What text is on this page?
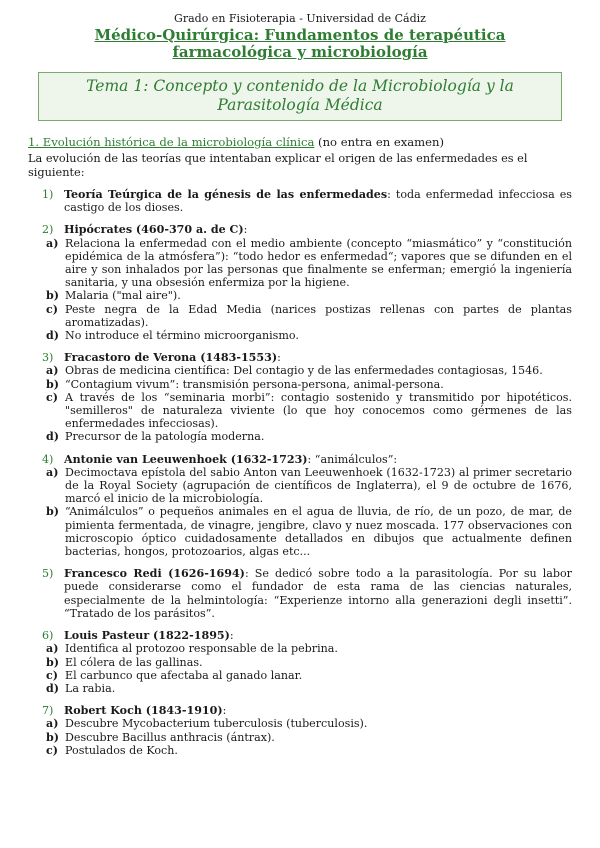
Grado en Fisioterapia - Universidad de Cádiz
Médico-Quirúrgica: Fundamentos de terapéutica farmacológica y microbiología
Tema 1: Concepto y contenido de la Microbiología y la Parasitología Médica
1. Evolución histórica de la microbiología clínica (no entra en examen)
La evolución de las teorías que intentaban explicar el origen de las enfermedades es el siguiente:
1) Teoría Teúrgica de la génesis de las enfermedades: toda enfermedad infecciosa es castigo de los dioses.
2) Hipócrates (460-370 a. de C):
a) Relaciona la enfermedad con el medio ambiente (concepto “miasmático” y “constitución epidémica de la atmósfera”): “todo hedor es enfermedad“; vapores que se difunden en el aire y son inhalados por las personas que finalmente se enferman; emergió la ingeniería sanitaria, y una obsesión enfermiza por la higiene.
b) Malaria ("mal aire").
c) Peste negra de la Edad Media (narices postizas rellenas con partes de plantas aromatizadas).
d) No introduce el término microorganismo.
3) Fracastoro de Verona (1483-1553):
a) Obras de medicina científica: Del contagio y de las enfermedades contagiosas, 1546.
b) “Contagium vivum”: transmisión persona-persona, animal-persona.
c) A través de los “seminaria morbi”: contagio sostenido y transmitido por hipotéticos. "semilleros" de naturaleza viviente (lo que hoy conocemos como gérmenes de las enfermedades infecciosas).
d) Precursor de la patología moderna.
4) Antonie van Leeuwenhoek (1632-1723): “animálculos”:
a) Decimoctava epístola del sabio Anton van Leeuwenhoek (1632-1723) al primer secretario de la Royal Society (agrupación de científicos de Inglaterra), el 9 de octubre de 1676, marcó el inicio de la microbiología.
b) “Animálculos” o pequeños animales en el agua de lluvia, de río, de un pozo, de mar, de pimienta fermentada, de vinagre, jengibre, clavo y nuez moscada. 177 observaciones con microscopio óptico cuidadosamente detallados en dibujos que actualmente definen bacterias, hongos, protozoarios, algas etc...
5) Francesco Redi (1626-1694): Se dedicó sobre todo a la parasitología. Por su labor puede considerarse como el fundador de esta rama de las ciencias naturales, especialmente de la helmintología: “Experienze intorno alla generazioni degli insetti”. “Tratado de los parásitos”.
6) Louis Pasteur (1822-1895):
a) Identifica al protozoo responsable de la pebrina.
b) El cólera de las gallinas.
c) El carbunco que afectaba al ganado lanar.
d) La rabia.
7) Robert Koch (1843-1910):
a) Descubre Mycobacterium tuberculosis (tuberculosis).
b) Descubre Bacillus anthracis (ántrax).
c) Postulados de Koch.
